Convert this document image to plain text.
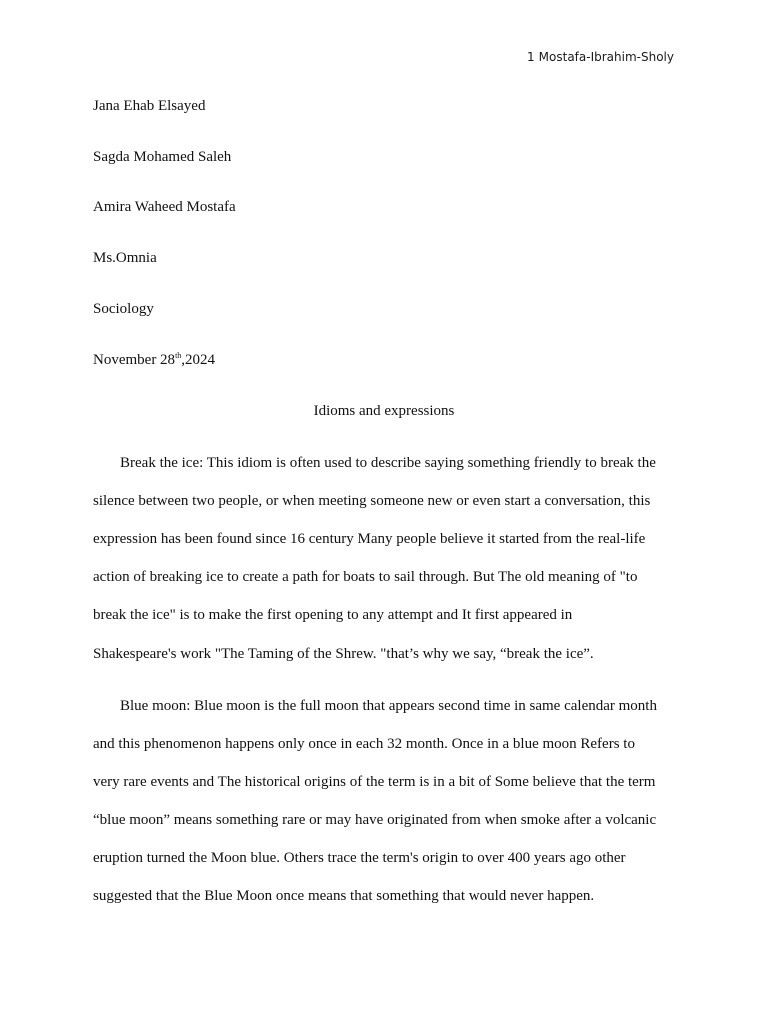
1 Mostafa-Ibrahim-Sholy
Jana Ehab Elsayed
Sagda Mohamed Saleh
Amira Waheed Mostafa
Ms.Omnia
Sociology
November 28th,2024
Idioms and expressions
Break the ice: This idiom is often used to describe saying something friendly to break the
silence between two people, or when meeting someone new or even start a conversation, this
expression has been found since 16 century Many people believe it started from the real-life
action of breaking ice to create a path for boats to sail through. But The old meaning of "to
break the ice" is to make the first opening to any attempt and It first appeared in
Shakespeare's work "The Taming of the Shrew. "that’s why we say, “break the ice”.
Blue moon: Blue moon is the full moon that appears second time in same calendar month
and this phenomenon happens only once in each 32 month. Once in a blue moon Refers to
very rare events and The historical origins of the term is in a bit of Some believe that the term
“blue moon” means something rare or may have originated from when smoke after a volcanic
eruption turned the Moon blue. Others trace the term's origin to over 400 years ago other
suggested that the Blue Moon once means that something that would never happen.
